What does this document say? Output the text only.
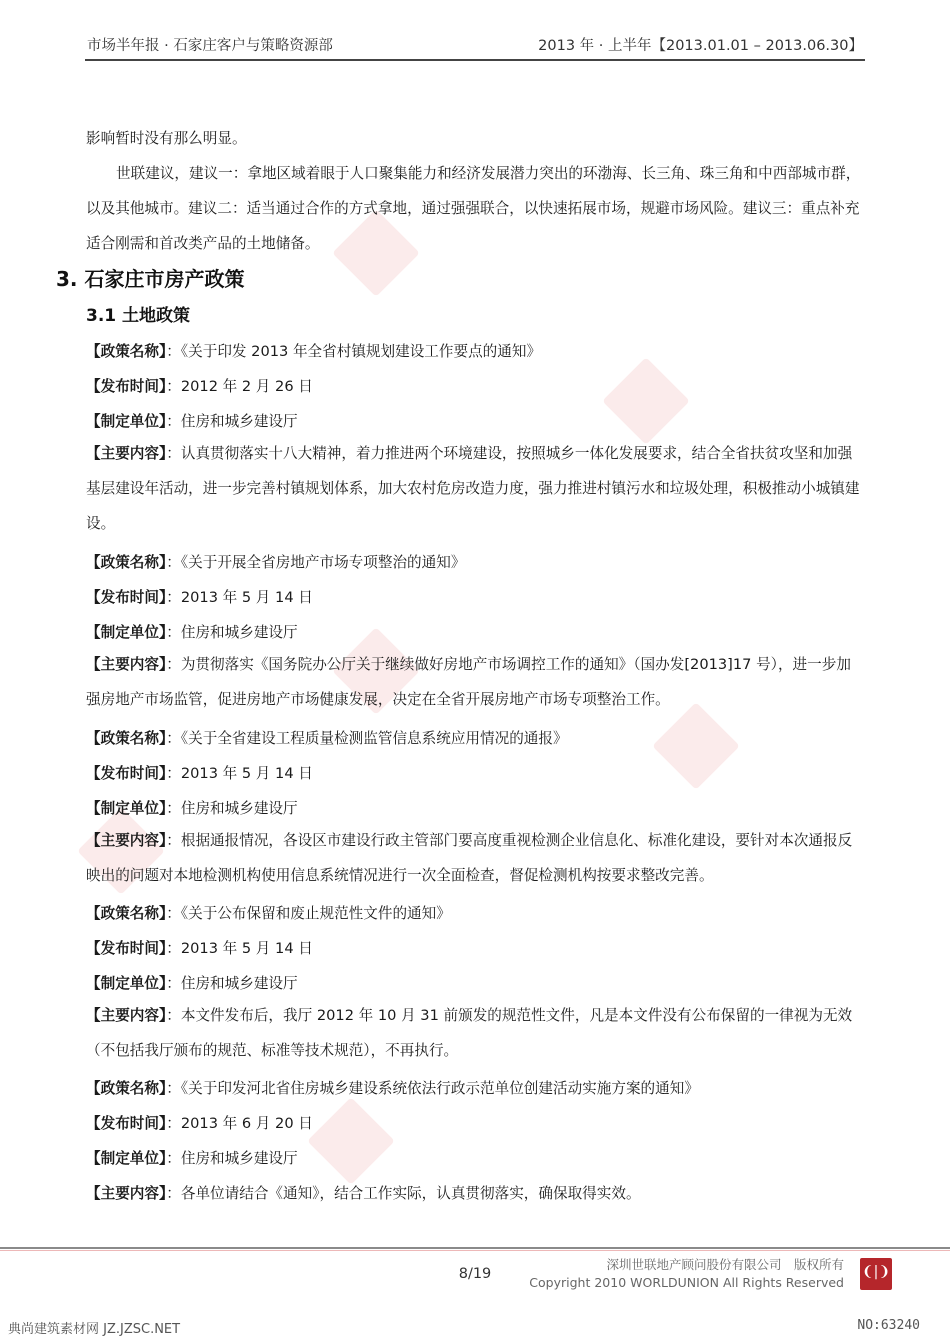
市场半年报 · 石家庄客户与策略资源部	2013 年 · 上半年【2013.01.01 – 2013.06.30】
影响暂时没有那么明显。
世联建议，建议一：拿地区域着眼于人口聚集能力和经济发展潜力突出的环渤海、长三角、珠三角和中西部城市群，以及其他城市。建议二：适当通过合作的方式拿地，通过强强联合，以快速拓展市场，规避市场风险。建议三：重点补充适合刚需和首改类产品的土地储备。
3. 石家庄市房产政策
3.1 土地政策
【政策名称】：《关于印发 2013 年全省村镇规划建设工作要点的通知》
【发布时间】：2012 年 2 月 26 日
【制定单位】：住房和城乡建设厅
【主要内容】：认真贯彻落实十八大精神，着力推进两个环境建设，按照城乡一体化发展要求，结合全省扶贫攻坚和加强基层建设年活动，进一步完善村镇规划体系，加大农村危房改造力度，强力推进村镇污水和垃圾处理，积极推动小城镇建设。
【政策名称】：《关于开展全省房地产市场专项整治的通知》
【发布时间】：2013 年 5 月 14 日
【制定单位】：住房和城乡建设厅
【主要内容】：为贯彻落实《国务院办公厅关于继续做好房地产市场调控工作的通知》（国办发[2013]17 号），进一步加强房地产市场监管，促进房地产市场健康发展，决定在全省开展房地产市场专项整治工作。
【政策名称】：《关于全省建设工程质量检测监管信息系统应用情况的通报》
【发布时间】：2013 年 5 月 14 日
【制定单位】：住房和城乡建设厅
【主要内容】：根据通报情况，各设区市建设行政主管部门要高度重视检测企业信息化、标准化建设，要针对本次通报反映出的问题对本地检测机构使用信息系统情况进行一次全面检查，督促检测机构按要求整改完善。
【政策名称】：《关于公布保留和废止规范性文件的通知》
【发布时间】：2013 年 5 月 14 日
【制定单位】：住房和城乡建设厅
【主要内容】：本文件发布后，我厅 2012 年 10 月 31 前颁发的规范性文件，凡是本文件没有公布保留的一律视为无效（不包括我厅颁布的规范、标准等技术规范），不再执行。
【政策名称】：《关于印发河北省住房城乡建设系统依法行政示范单位创建活动实施方案的通知》
【发布时间】：2013 年 6 月 20 日
【制定单位】：住房和城乡建设厅
【主要内容】：各单位请结合《通知》，结合工作实际，认真贯彻落实，确保取得实效。
8/19
深圳世联地产顾问股份有限公司　版权所有
Copyright 2010 WORLDUNION All Rights Reserved
❨|❩
典尚建筑素材网 JZ.JZSC.NET	NO:63240
